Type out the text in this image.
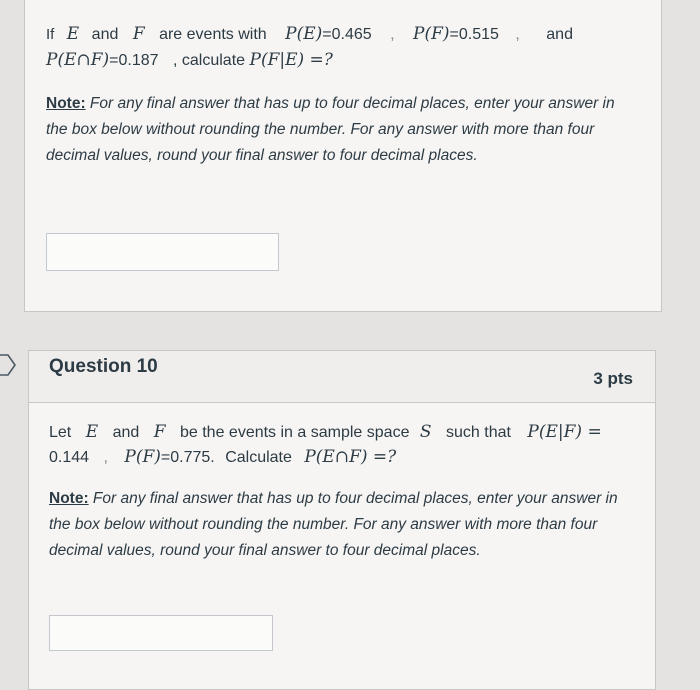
If E and F are events with P(E)=0.465 , P(F)=0.515 , and
P(E∩F)=0.187 , calculate P(F|E) =?
Note: For any final answer that has up to four decimal places, enter your answer in
the box below without rounding the number. For any answer with more than four
decimal values, round your final answer to four decimal places.
Question 10
3 pts
Let E and F be the events in a sample space S such that P(E|F) =
0.144 , P(F)=0.775. Calculate P(E∩F) =?
Note: For any final answer that has up to four decimal places, enter your answer in
the box below without rounding the number. For any answer with more than four
decimal values, round your final answer to four decimal places.
